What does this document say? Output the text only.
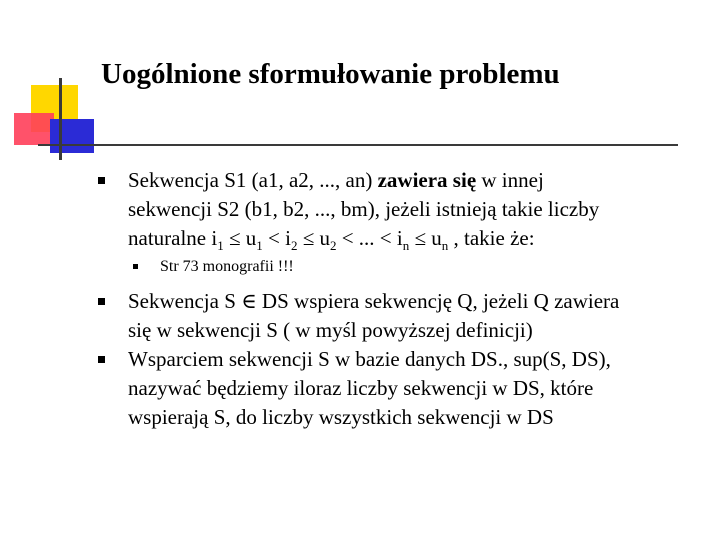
Uogólnione sformułowanie problemu
Sekwencja S1 (a1, a2, ..., an) zawiera się w innej
sekwencji S2 (b1, b2, ..., bm), jeżeli istnieją takie liczby
naturalne $i_1 \le u_1 < i_2 \le u_2$ < ... < $i_n \le u_n$ , takie że:
Str 73 monografii !!!
Sekwencja S ∈ DS wspiera sekwencję Q, jeżeli Q zawiera
się w sekwencji S ( w myśl powyższej definicji)
Wsparciem sekwencji S w bazie danych DS., sup(S, DS),
nazywać będziemy iloraz liczby sekwencji w DS, które
wspierają S, do liczby wszystkich sekwencji w DS
